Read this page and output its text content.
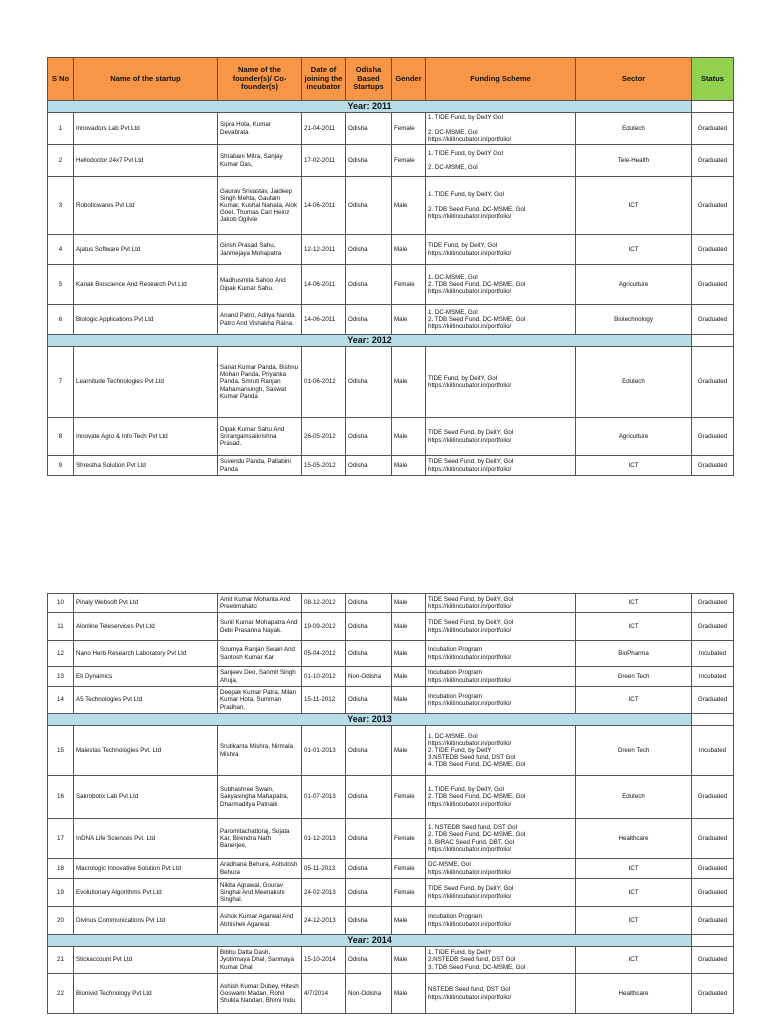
S No	Name of the startup	Name of the founder(s)/ Co-founder(s)	Date of joining the incubator	Odisha Based Startups	Gender	Funding Scheme	Sector	Status
Year: 2011								
1	Innovadors Lab Pvt Ltd	Sipra Hota, Kumar Devabrata	21-04-2011	Odisha	Female	1. TIDE Fund, by DeitY GoI

2. DC-MSME, GoI
https://kiitincubator.in/portfolio/	Edutech	Graduated
2	Hellodoctor 24x7 Pvt Ltd	Shrabani Mitra, Sanjay Kumar Das,	17-02-2011	Odisha	Female	1. TIDE Fund, by DeitY GoI

2. DC-MSME, GoI	Tele-Health	Graduated
3	Roboticwares Pvt Ltd	Gaurav Srivastav, Jaideep Singh Mehta, Gautam Kumar, Kushal Nahata, Alok Goel, Thomas Carl Heinz Jakob Ogilvie	14-06-2011	Odisha	Male	1. TIDE Fund, by DeitY, GoI

2. TDB Seed Fund, DC-MSME, GoI
https://kiitincubator.in/portfolio/	ICT	Graduated
4	Ajatus Software Pvt Ltd	Girish Prasad Sahu, Janmejaya Mohapatra	12-12-2011	Odisha	Male	TIDE Fund, by DeitY, GoI
https://kiitincubator.in/portfolio/	ICT	Graduated
5	Kanak Bioscience And Research Pvt Ltd	Madhusmita Sahoo And Dipak Kumar Sahu.	14-06-2011	Odisha	Female	1. DC-MSME, GoI
2. TDB Seed Fund, DC-MSME, GoI
https://kiitincubator.in/portfolio/	Agriculture	Graduated
6	Biologic Applications Pvt Ltd	Anand Patro, Aditya Nanda Patro And Vishakha Raina.	14-06-2011	Odisha	Male	1. DC-MSME, GoI
2. TDB Seed Fund, DC-MSME, GoI
https://kiitincubator.in/portfolio/	Biotechnology	Graduated
Year: 2012								
7	Learnitude Technologies Pvt Ltd	Sanat Kumar Panda, Bishnu Mohan Panda, Priyanka Panda, Smruti Ranjan Mahamansingh, Saswat Kumar Panda	01-06-2012	Odisha	Male	TIDE Fund, by DeitY, GoI
https://kiitincubator.in/portfolio/	Edutech	Graduated
8	Innovate Agro & Info Tech Pvt Ltd	Dipak Kumar Sahu And Srirangamsaikrishna Prasad.	26-05-2012	Odisha	Male	TIDE Seed Fund, by DeitY, GoI
https://kiitincubator.in/portfolio/	Agriculture	Graduated
9	Shrestha Solution Pvt Ltd	Suvendu Panda, Pallabini Panda	15-05-2012	Odisha	Male	TIDE Seed Fund, by DeitY, GoI
https://kiitincubator.in/portfolio/	ICT	Graduated
10	Pinaly Websoft Pvt Ltd	Amit Kumar Mohanta And Preetimahato	08-12-2012	Odisha	Male	TIDE Seed Fund, by DeitY, GoI
https://kiitincubator.in/portfolio/	ICT	Graduated
11	Alonline Teleservices Pvt Ltd	Sunil Kumar Mohapatra And Debi Prasanna Nayak.	19-09-2012	Odisha	Male	TIDE Seed Fund, by DeitY, GoI
https://kiitincubator.in/portfolio/	ICT	Graduated
12	Nano Herb Research Laboratory Pvt Ltd	Soumya Ranjan Swain And Santosh Kumar Kar	05-04-2012	Odisha	Male	Incubation Program
https://kiitincubator.in/portfolio/	BioPharma	Incubated
13	Eti Dynamics	Sanjeev Deo, Sanmit Singh Ahuja,	01-10-2012	Non-Odisha	Male	Incubation Program
https://kiitincubator.in/portfolio/	Green Tech	Incubated
14	A5 Technologies Pvt Ltd	Deepak Kumar Patra, Milan Kumar Hota, Summan Pradhan,	15-11-2012	Odisha	Male	Incubation Program
https://kiitincubator.in/portfolio/	ICT	Graduated
Year: 2013								
15	Maiestas Technologies Pvt. Ltd	Srutikanta Mishra, Nirmala Mishra	01-01-2013	Odisha	Male	1. DC-MSME, GoI
https://kiitincubator.in/portfolio/
2. TIDE Fund, by DeitY
3.NSTEDB Seed fund, DST GoI
4. TDB Seed Fund, DC-MSME, GoI	Green Tech	Incubated
16	Sakrobotix Lab Pvt Ltd	Subhashree Swain, Sakyasingha Mahapatra, Dharmaditya Patnaik	01-07-2013	Odisha	Female	1. TIDE Fund, by DeitY, GoI
2. TDB Seed Fund, DC-MSME, GoI
https://kiitincubator.in/portfolio/	Edutech	Graduated
17	InDNA Life Sciences Pvt. Ltd	Paromitachattoraj, Sujata Kar, Birendra Nath Banerjee,	01-12-2013	Odisha	Female	1. NSTEDB Seed fund, DST GoI
2. TDB Seed Fund, DC-MSME, GoI
3. BIRAC Seed Fund, DBT, GoI
https://kiitincubator.in/portfolio/	Healthcare	Graduated
18	Macrologic Innovative Solution Pvt Ltd	Aradhana Behura, Ashutosh Behura	05-11-2013	Odisha	Female	DC-MSME, GoI
https://kiitincubator.in/portfolio/	ICT	Graduated
19	Evolutionary Algorithms Pvt Ltd	Nikita Agrawal, Gourav Singhal And Meenakshi Singhal.	24-02-2013	Odisha	Female	TIDE Seed Fund, by DeitY, GoI
https://kiitincubator.in/portfolio/	ICT	Graduated
20	Divinus Communications Pvt Ltd	Ashok Kumar Agarwal And Abhishek Agarwal.	24-12-2013	Odisha	Male	Incubation Program
https://kiitincubator.in/portfolio/	ICT	Graduated
Year: 2014								
21	Stickaccount Pvt Ltd	Bibhu Datta Dash, Jyotirmaya Dhal, Sanmaya Kumar Dhal	15-10-2014	Odisha	Male	1. TIDE Fund, by DeitY
2.NSTEDB Seed fund, DST GoI
3. TDB Seed Fund, DC-MSME, GoI	ICT	Graduated
22	Bionivid Technology Pvt Ltd	Ashish Kumar Dubey, Hitesh Goswami Madan, Rohit Shukla Nandan, Bhimi Indu	4/7/2014	Non-Odisha	Male	NSTEDB Seed fund, DST GoI
https://kiitincubator.in/portfolio/	Healthcare	Graduated
